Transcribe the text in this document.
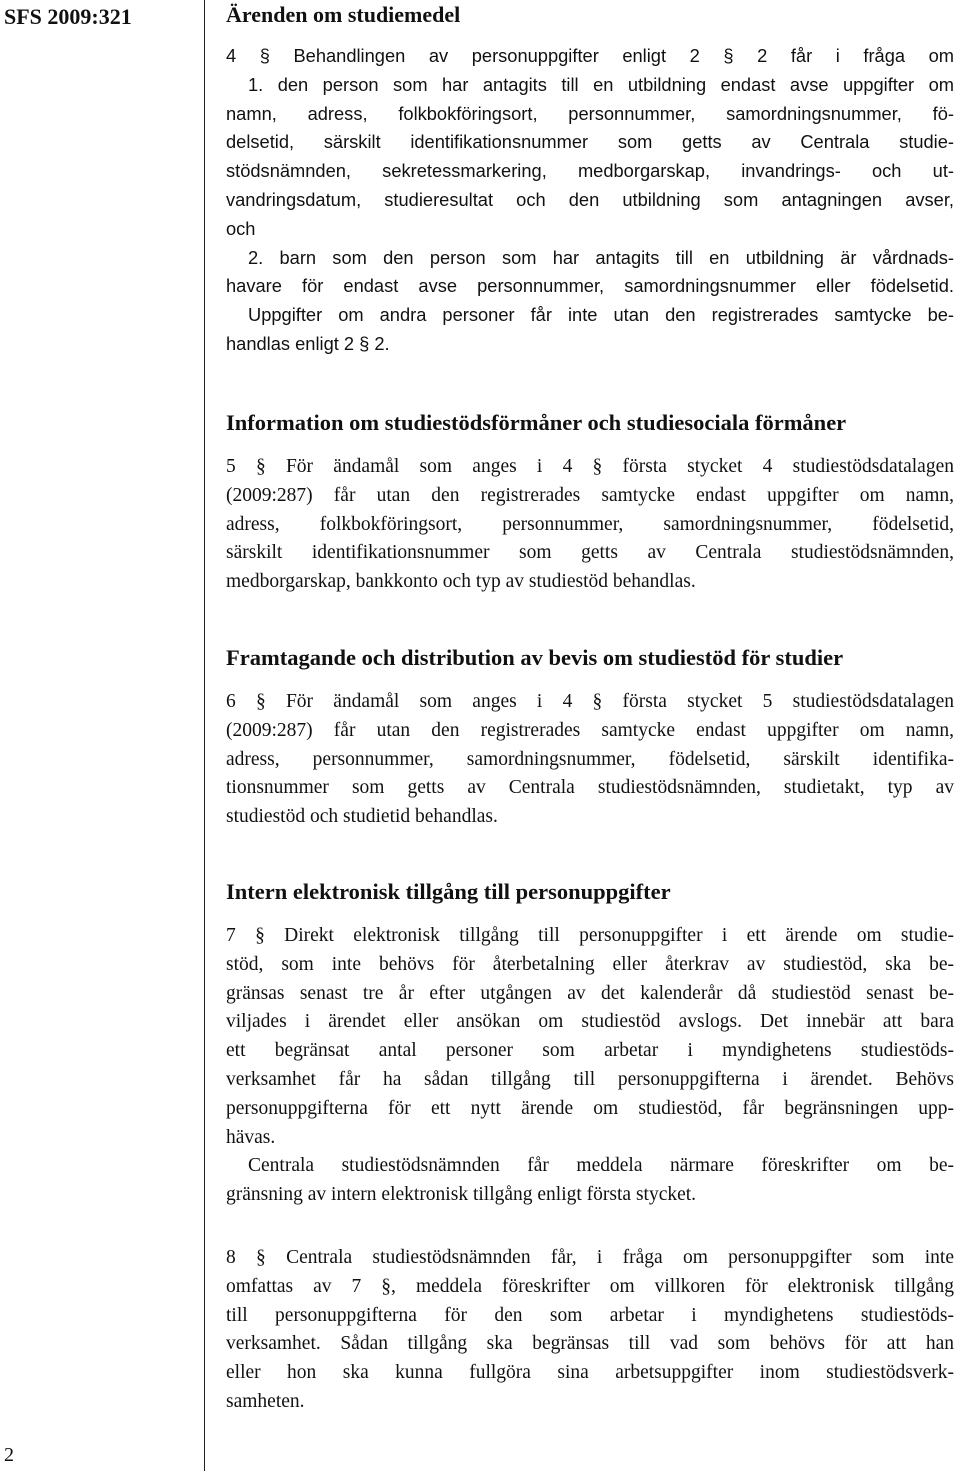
SFS 2009:321
2
Ärenden om studiemedel
4 § Behandlingen av personuppgifter enligt 2 § 2 får i fråga om
1. den person som har antagits till en utbildning endast avse uppgifter om
namn, adress, folkbokföringsort, personnummer, samordningsnummer, fö-
delsetid, särskilt identifikationsnummer som getts av Centrala studie-
stödsnämnden, sekretessmarkering, medborgarskap, invandrings- och ut-
vandringsdatum, studieresultat och den utbildning som antagningen avser,
och
2. barn som den person som har antagits till en utbildning är vårdnads-
havare för endast avse personnummer, samordningsnummer eller födelsetid.
Uppgifter om andra personer får inte utan den registrerades samtycke be-
handlas enligt 2 § 2.
Information om studiestödsförmåner och studiesociala förmåner
5 § För ändamål som anges i 4 § första stycket 4 studiestödsdatalagen
(2009:287) får utan den registrerades samtycke endast uppgifter om namn,
adress, folkbokföringsort, personnummer, samordningsnummer, födelsetid,
särskilt identifikationsnummer som getts av Centrala studiestödsnämnden,
medborgarskap, bankkonto och typ av studiestöd behandlas.
Framtagande och distribution av bevis om studiestöd för studier
6 § För ändamål som anges i 4 § första stycket 5 studiestödsdatalagen
(2009:287) får utan den registrerades samtycke endast uppgifter om namn,
adress, personnummer, samordningsnummer, födelsetid, särskilt identifika-
tionsnummer som getts av Centrala studiestödsnämnden, studietakt, typ av
studiestöd och studietid behandlas.
Intern elektronisk tillgång till personuppgifter
7 § Direkt elektronisk tillgång till personuppgifter i ett ärende om studie-
stöd, som inte behövs för återbetalning eller återkrav av studiestöd, ska be-
gränsas senast tre år efter utgången av det kalenderår då studiestöd senast be-
viljades i ärendet eller ansökan om studiestöd avslogs. Det innebär att bara
ett begränsat antal personer som arbetar i myndighetens studiestöds-
verksamhet får ha sådan tillgång till personuppgifterna i ärendet. Behövs
personuppgifterna för ett nytt ärende om studiestöd, får begränsningen upp-
hävas.
Centrala studiestödsnämnden får meddela närmare föreskrifter om be-
gränsning av intern elektronisk tillgång enligt första stycket.
8 § Centrala studiestödsnämnden får, i fråga om personuppgifter som inte
omfattas av 7 §, meddela föreskrifter om villkoren för elektronisk tillgång
till personuppgifterna för den som arbetar i myndighetens studiestöds-
verksamhet. Sådan tillgång ska begränsas till vad som behövs för att han
eller hon ska kunna fullgöra sina arbetsuppgifter inom studiestödsverk-
samheten.
